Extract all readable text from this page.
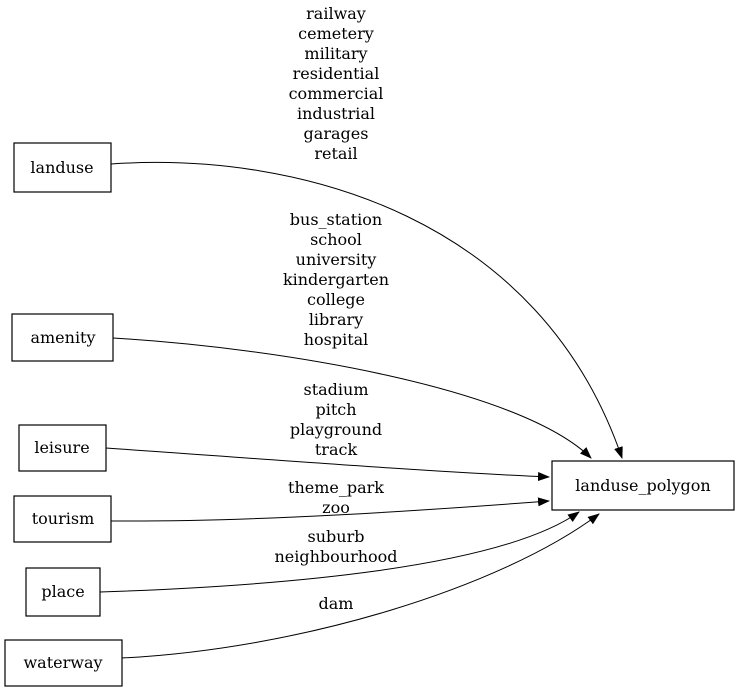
railway
cemetery
military
residential
commercial
industrial
garages
retail
bus_station
school
university
kindergarten
college
library
hospital
stadium
pitch
playground
track
theme_park
zoo
suburb
neighbourhood
dam
landuse
amenity
leisure
tourism
place
waterway
landuse_polygon
